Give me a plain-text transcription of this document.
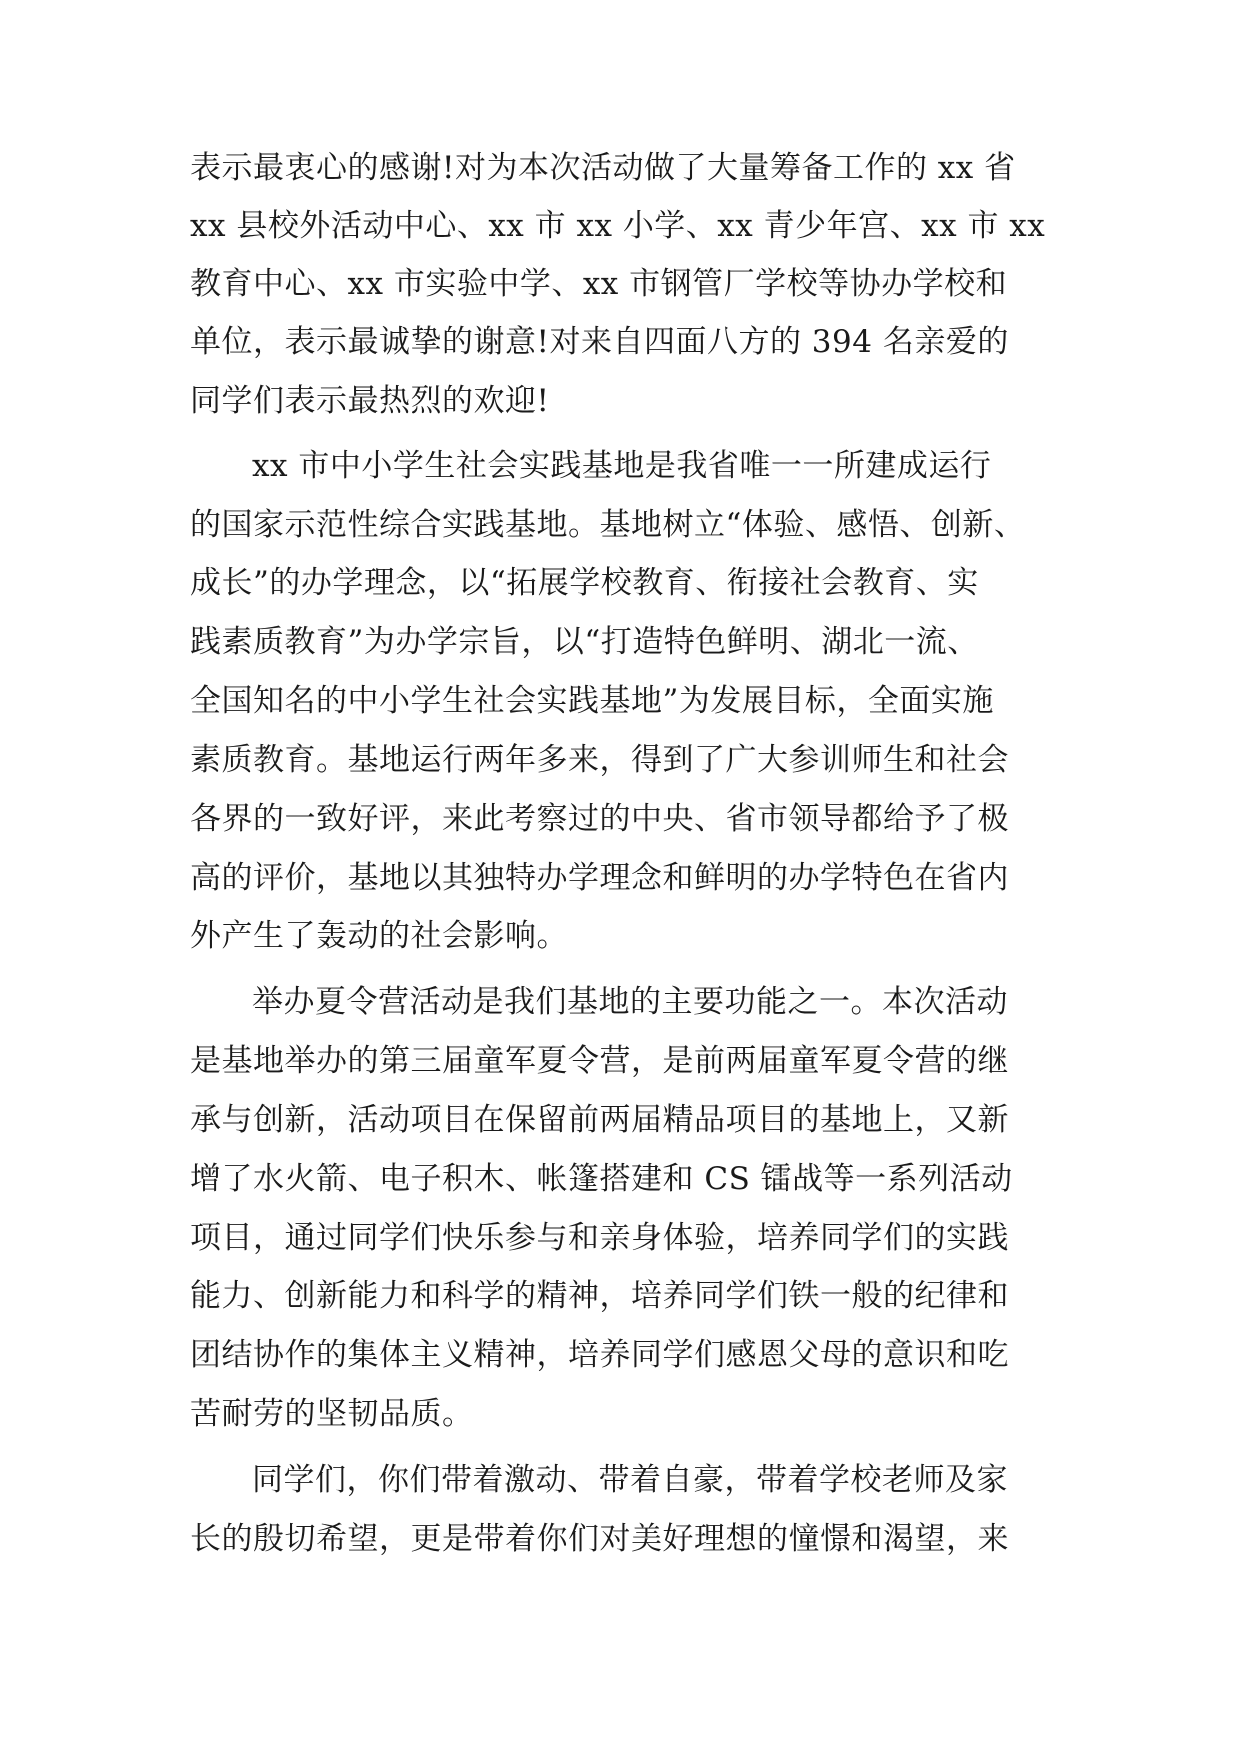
表示最衷心的感谢!对为本次活动做了大量筹备工作的 xx 省
xx 县校外活动中心、xx 市 xx 小学、xx 青少年宫、xx 市 xx
教育中心、xx 市实验中学、xx 市钢管厂学校等协办学校和
单位，表示最诚挚的谢意!对来自四面八方的 394 名亲爱的
同学们表示最热烈的欢迎!
xx 市中小学生社会实践基地是我省唯一一所建成运行
的国家示范性综合实践基地。基地树立“体验、感悟、创新、
成长”的办学理念，以“拓展学校教育、衔接社会教育、实
践素质教育”为办学宗旨，以“打造特色鲜明、湖北一流、
全国知名的中小学生社会实践基地”为发展目标，全面实施
素质教育。基地运行两年多来，得到了广大参训师生和社会
各界的一致好评，来此考察过的中央、省市领导都给予了极
高的评价，基地以其独特办学理念和鲜明的办学特色在省内
外产生了轰动的社会影响。
举办夏令营活动是我们基地的主要功能之一。本次活动
是基地举办的第三届童军夏令营，是前两届童军夏令营的继
承与创新，活动项目在保留前两届精品项目的基地上，又新
增了水火箭、电子积木、帐篷搭建和 CS 镭战等一系列活动
项目，通过同学们快乐参与和亲身体验，培养同学们的实践
能力、创新能力和科学的精神，培养同学们铁一般的纪律和
团结协作的集体主义精神，培养同学们感恩父母的意识和吃
苦耐劳的坚韧品质。
同学们，你们带着激动、带着自豪，带着学校老师及家
长的殷切希望，更是带着你们对美好理想的憧憬和渴望，来
